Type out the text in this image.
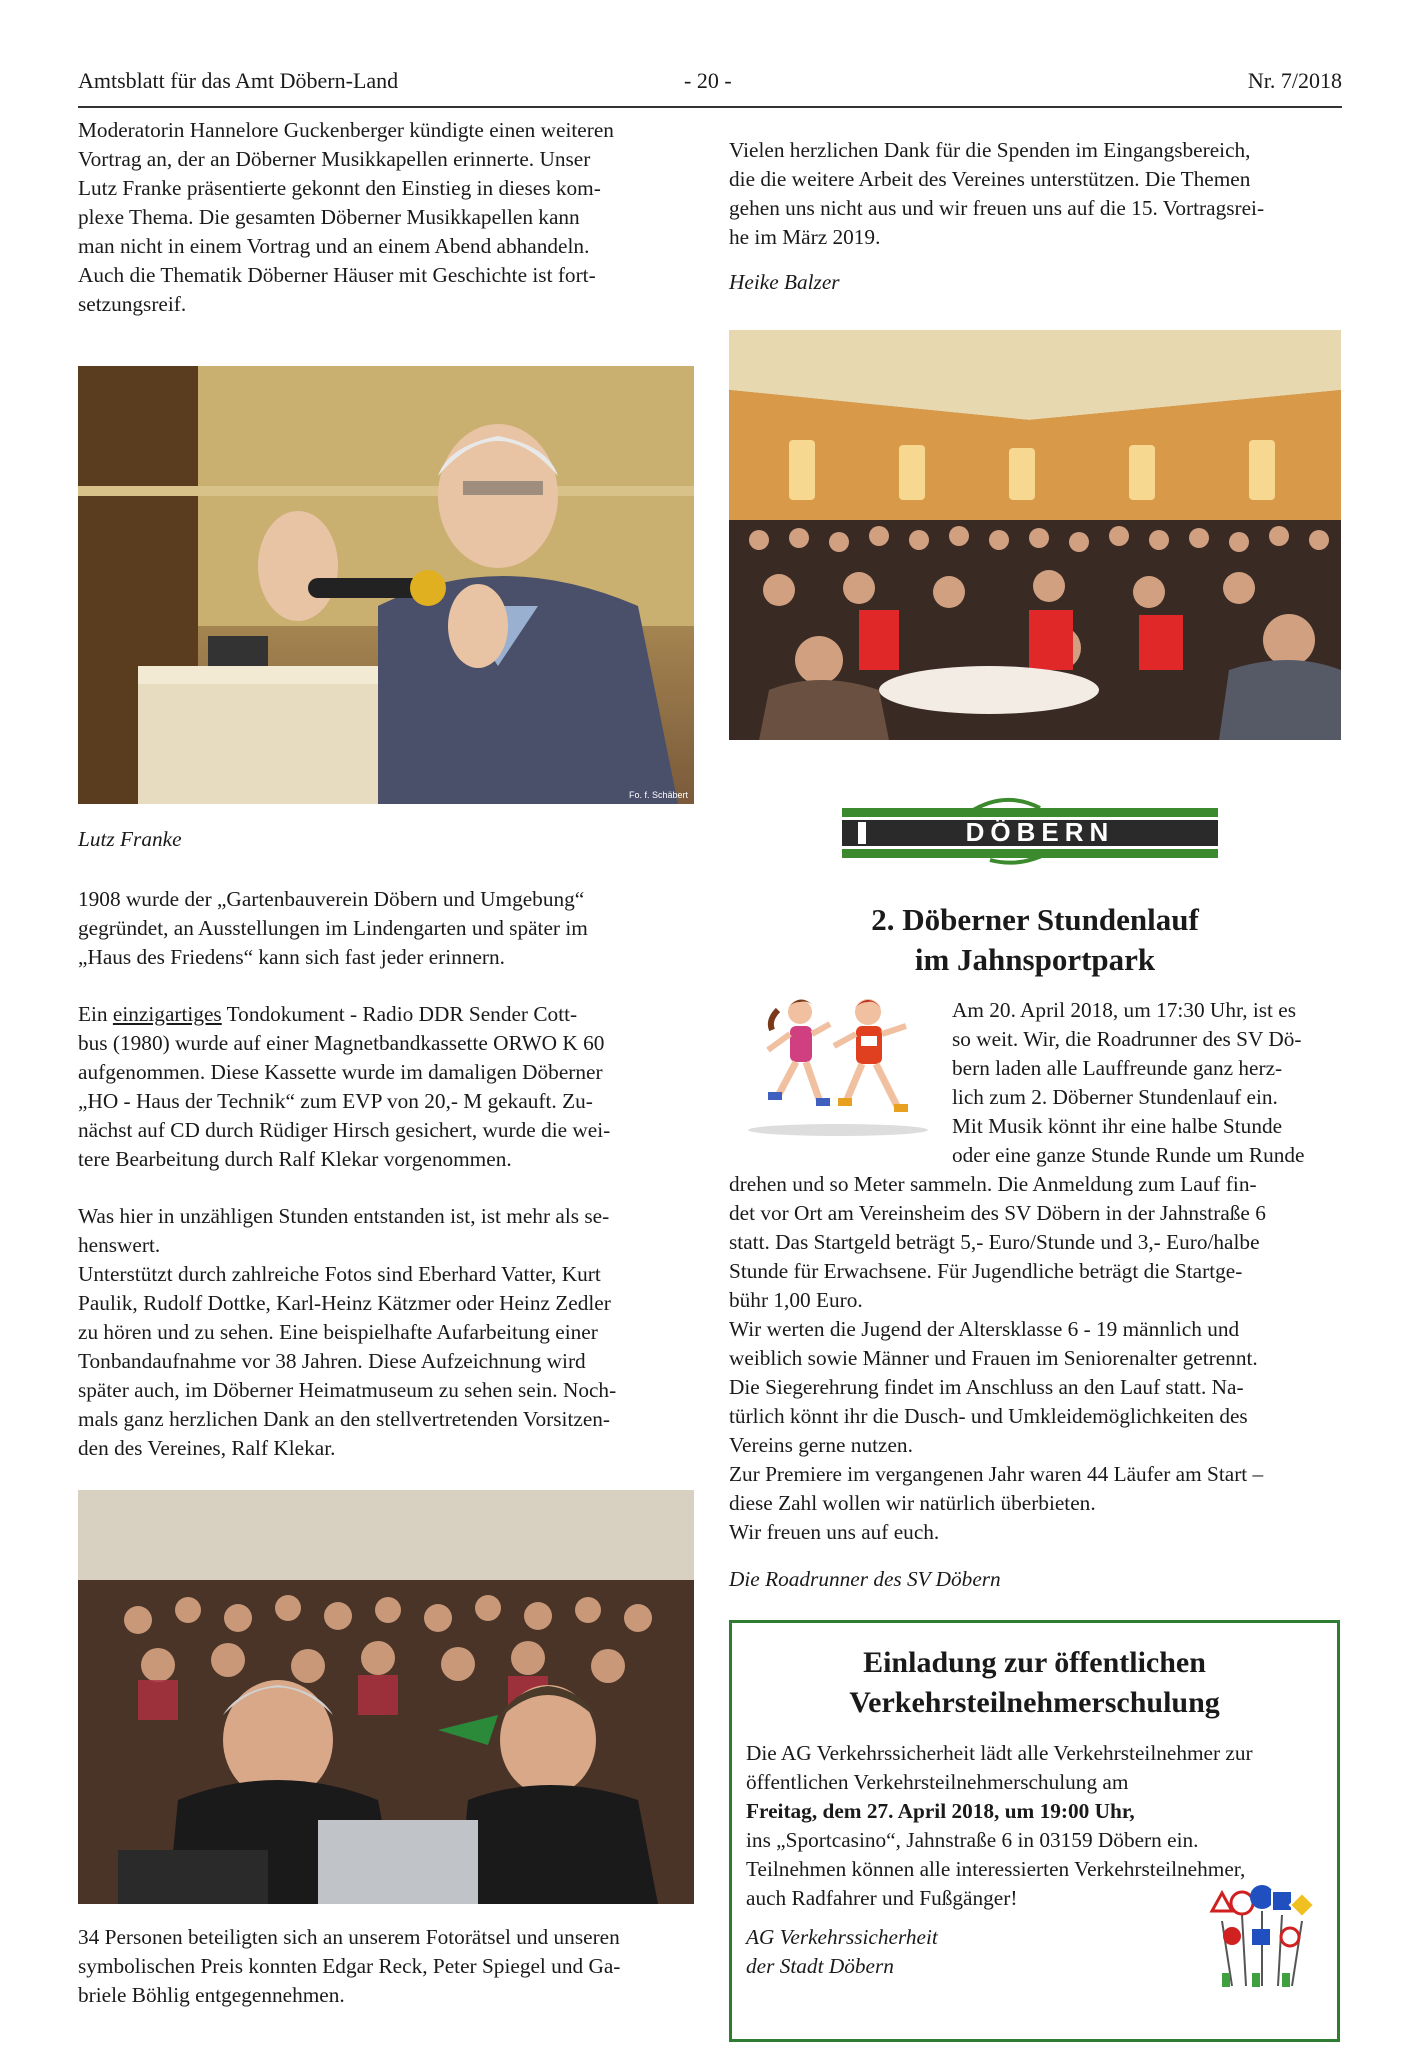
Amtsblatt für das Amt Döbern-Land	- 20 -	Nr. 7/2018

Moderatorin Hannelore Guckenberger kündigte einen weiteren

Vortrag an, der an Döberner Musikkapellen erinnerte. Unser

Lutz Franke präsentierte gekonnt den Einstieg in dieses kom-

plexe Thema. Die gesamten Döberner Musikkapellen kann

man nicht in einem Vortrag und an einem Abend abhandeln.

Auch die Thematik Döberner Häuser mit Geschichte ist fort-

setzungsreif.

Fo. f. Schäbert
Lutz Franke

1908 wurde der „Gartenbauverein Döbern und Umgebung“

gegründet, an Ausstellungen im Lindengarten und später im

„Haus des Friedens“ kann sich fast jeder erinnern.

Ein einzigartiges Tondokument - Radio DDR Sender Cott-

bus (1980) wurde auf einer Magnetbandkassette ORWO K 60

aufgenommen. Diese Kassette wurde im damaligen Döberner

„HO - Haus der Technik“ zum EVP von 20,- M gekauft. Zu-

nächst auf CD durch Rüdiger Hirsch gesichert, wurde die wei-

tere Bearbeitung durch Ralf Klekar vorgenommen.

Was hier in unzähligen Stunden entstanden ist, ist mehr als se-

henswert.

Unterstützt durch zahlreiche Fotos sind Eberhard Vatter, Kurt

Paulik, Rudolf Dottke, Karl-Heinz Kätzmer oder Heinz Zedler

zu hören und zu sehen. Eine beispielhafte Aufarbeitung einer

Tonbandaufnahme vor 38 Jahren. Diese Aufzeichnung wird

später auch, im Döberner Heimatmuseum zu sehen sein. Noch-

mals ganz herzlichen Dank an den stellvertretenden Vorsitzen-

den des Vereines, Ralf Klekar.

34 Personen beteiligten sich an unserem Fotorätsel und unseren

symbolischen Preis konnten Edgar Reck, Peter Spiegel und Ga-

briele Böhlig entgegennehmen.

Vielen herzlichen Dank für die Spenden im Eingangsbereich,

die die weitere Arbeit des Vereines unterstützen. Die Themen

gehen uns nicht aus und wir freuen uns auf die 15. Vortragsrei-

he im März 2019.

Heike Balzer
DÖBERN
2. Döberner Stundenlauf
im Jahnsportpark

Am 20. April 2018, um 17:30 Uhr, ist es

so weit. Wir, die Roadrunner des SV Dö-

bern laden alle Lauffreunde ganz herz-

lich zum 2. Döberner Stundenlauf ein.

Mit Musik könnt ihr eine halbe Stunde

oder eine ganze Stunde Runde um Runde

drehen und so Meter sammeln. Die Anmeldung zum Lauf fin-

det vor Ort am Vereinsheim des SV Döbern in der Jahnstraße 6

statt. Das Startgeld beträgt 5,- Euro/Stunde und 3,- Euro/halbe

Stunde für Erwachsene. Für Jugendliche beträgt die Startge-

bühr 1,00 Euro.

Wir werten die Jugend der Altersklasse 6 - 19 männlich und

weiblich sowie Männer und Frauen im Seniorenalter getrennt.

Die Siegerehrung findet im Anschluss an den Lauf statt. Na-

türlich könnt ihr die Dusch- und Umkleidemöglichkeiten des

Vereins gerne nutzen.

Zur Premiere im vergangenen Jahr waren 44 Läufer am Start –

diese Zahl wollen wir natürlich überbieten.

Wir freuen uns auf euch.

Die Roadrunner des SV Döbern
Einladung zur öffentlichen
Verkehrsteilnehmerschulung

Die AG Verkehrssicherheit lädt alle Verkehrsteilnehmer zur

öffentlichen Verkehrsteilnehmerschulung am

Freitag, dem 27. April 2018, um 19:00 Uhr,

ins „Sportcasino“, Jahnstraße 6 in 03159 Döbern ein.

Teilnehmen können alle interessierten Verkehrsteilnehmer,

auch Radfahrer und Fußgänger!

AG Verkehrssicherheit

der Stadt Döbern
